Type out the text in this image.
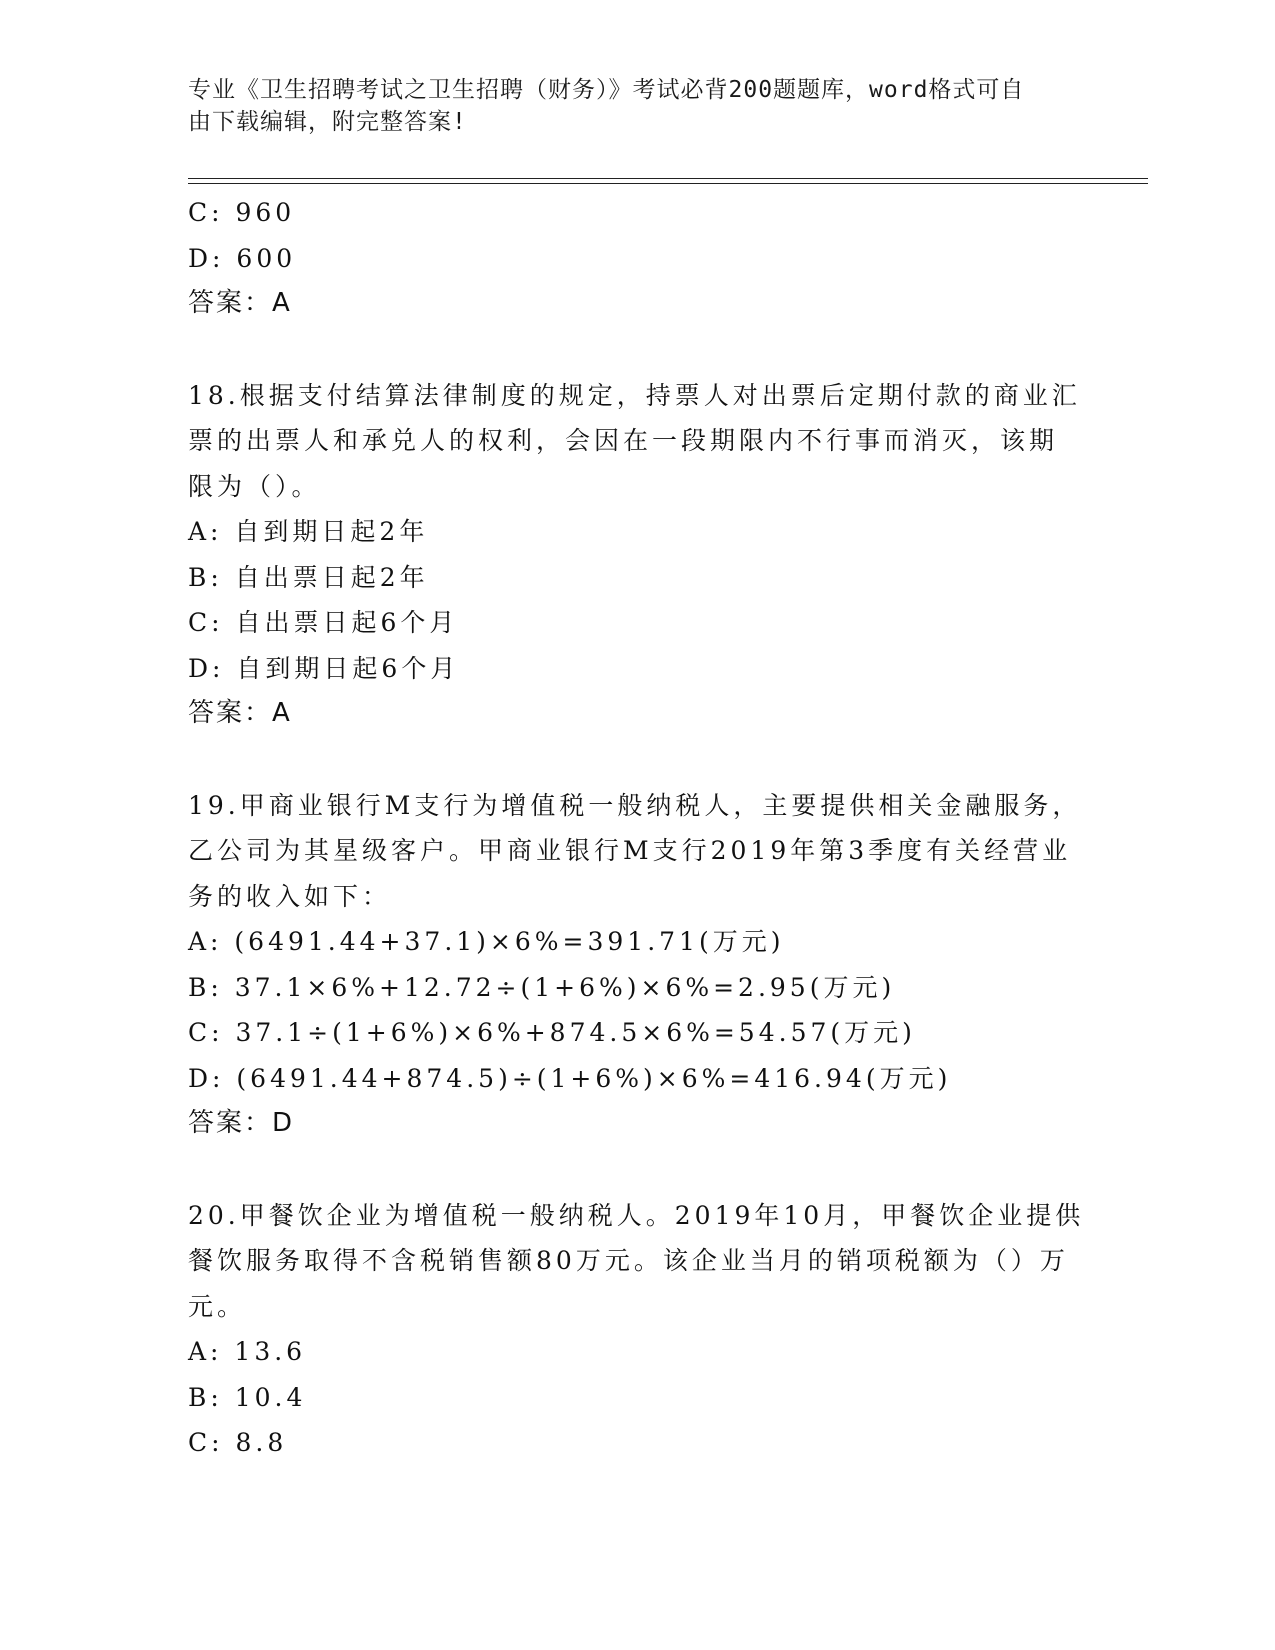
专业《卫生招聘考试之卫生招聘（财务）》考试必背200题题库，word格式可自
由下载编辑，附完整答案!
C: 960
D: 600
答案：A
18.根据支付结算法律制度的规定，持票人对出票后定期付款的商业汇
票的出票人和承兑人的权利，会因在一段期限内不行事而消灭，该期
限为（）。
A: 自到期日起2年
B: 自出票日起2年
C: 自出票日起6个月
D: 自到期日起6个月
答案：A
19.甲商业银行M支行为增值税一般纳税人，主要提供相关金融服务，
乙公司为其星级客户。甲商业银行M支行2019年第3季度有关经营业
务的收入如下：
A: (6491.44+37.1)×6%=391.71(万元)
B: 37.1×6%+12.72÷(1+6%)×6%=2.95(万元)
C: 37.1÷(1+6%)×6%+874.5×6%=54.57(万元)
D: (6491.44+874.5)÷(1+6%)×6%=416.94(万元)
答案：D
20.甲餐饮企业为增值税一般纳税人。2019年10月，甲餐饮企业提供
餐饮服务取得不含税销售额80万元。该企业当月的销项税额为（）万
元。
A: 13.6
B: 10.4
C: 8.8
